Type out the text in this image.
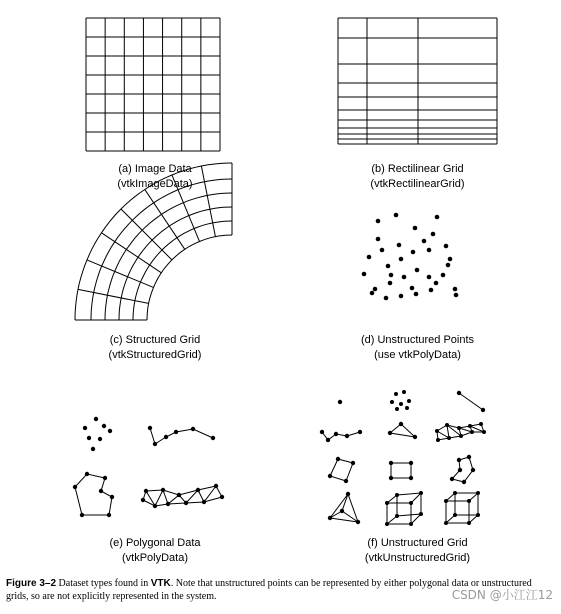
(a) Image Data
(vtkImageData)
(b) Rectilinear Grid
(vtkRectilinearGrid)
(c) Structured Grid
(vtkStructuredGrid)
(d) Unstructured Points
(use vtkPolyData)
(e) Polygonal Data
(vtkPolyData)
(f) Unstructured Grid
(vtkUnstructuredGrid)
Figure 3–2 Dataset types found in VTK. Note that unstructured points can be represented by either polygonal data or unstructured grids, so are not explicitly represented in the system.	CSDN @小江江12
